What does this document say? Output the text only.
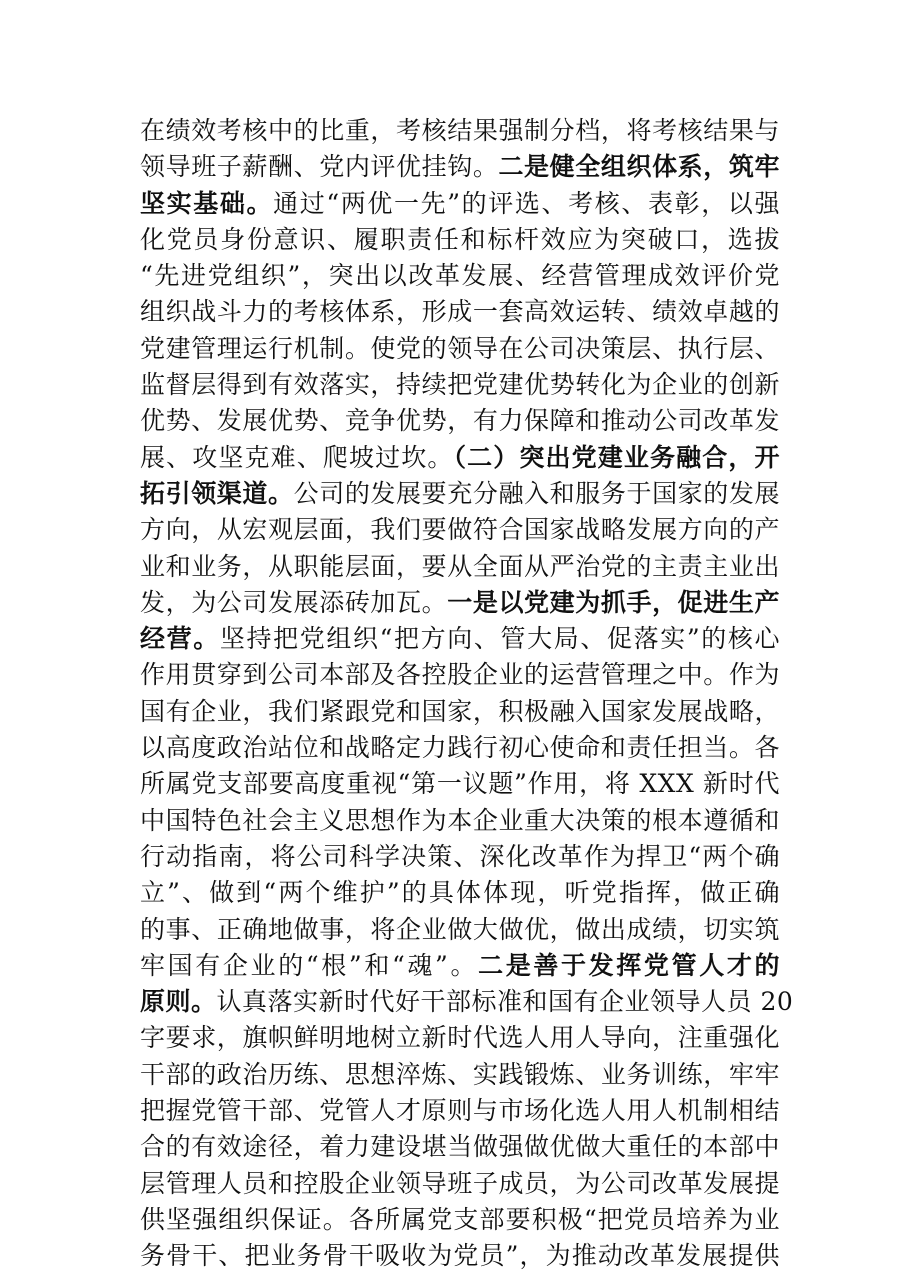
在绩效考核中的比重，考核结果强制分档，将考核结果与
领导班子薪酬、党内评优挂钩。二是健全组织体系，筑牢
坚实基础。通过“两优一先”的评选、考核、表彰，以强
化党员身份意识、履职责任和标杆效应为突破口，选拔
“先进党组织”，突出以改革发展、经营管理成效评价党
组织战斗力的考核体系，形成一套高效运转、绩效卓越的
党建管理运行机制。使党的领导在公司决策层、执行层、
监督层得到有效落实，持续把党建优势转化为企业的创新
优势、发展优势、竞争优势，有力保障和推动公司改革发
展、攻坚克难、爬坡过坎。（二）突出党建业务融合，开
拓引领渠道。公司的发展要充分融入和服务于国家的发展
方向，从宏观层面，我们要做符合国家战略发展方向的产
业和业务，从职能层面，要从全面从严治党的主责主业出
发，为公司发展添砖加瓦。一是以党建为抓手，促进生产
经营。坚持把党组织“把方向、管大局、促落实”的核心
作用贯穿到公司本部及各控股企业的运营管理之中。作为
国有企业，我们紧跟党和国家，积极融入国家发展战略，
以高度政治站位和战略定力践行初心使命和责任担当。各
所属党支部要高度重视“第一议题”作用，将 XXX 新时代
中国特色社会主义思想作为本企业重大决策的根本遵循和
行动指南，将公司科学决策、深化改革作为捍卫“两个确
立”、做到“两个维护”的具体体现，听党指挥，做正确
的事、正确地做事，将企业做大做优，做出成绩，切实筑
牢国有企业的“根”和“魂”。二是善于发挥党管人才的
原则。认真落实新时代好干部标准和国有企业领导人员 20
字要求，旗帜鲜明地树立新时代选人用人导向，注重强化
干部的政治历练、思想淬炼、实践锻炼、业务训练，牢牢
把握党管干部、党管人才原则与市场化选人用人机制相结
合的有效途径，着力建设堪当做强做优做大重任的本部中
层管理人员和控股企业领导班子成员，为公司改革发展提
供坚强组织保证。各所属党支部要积极“把党员培养为业
务骨干、把业务骨干吸收为党员”，为推动改革发展提供
